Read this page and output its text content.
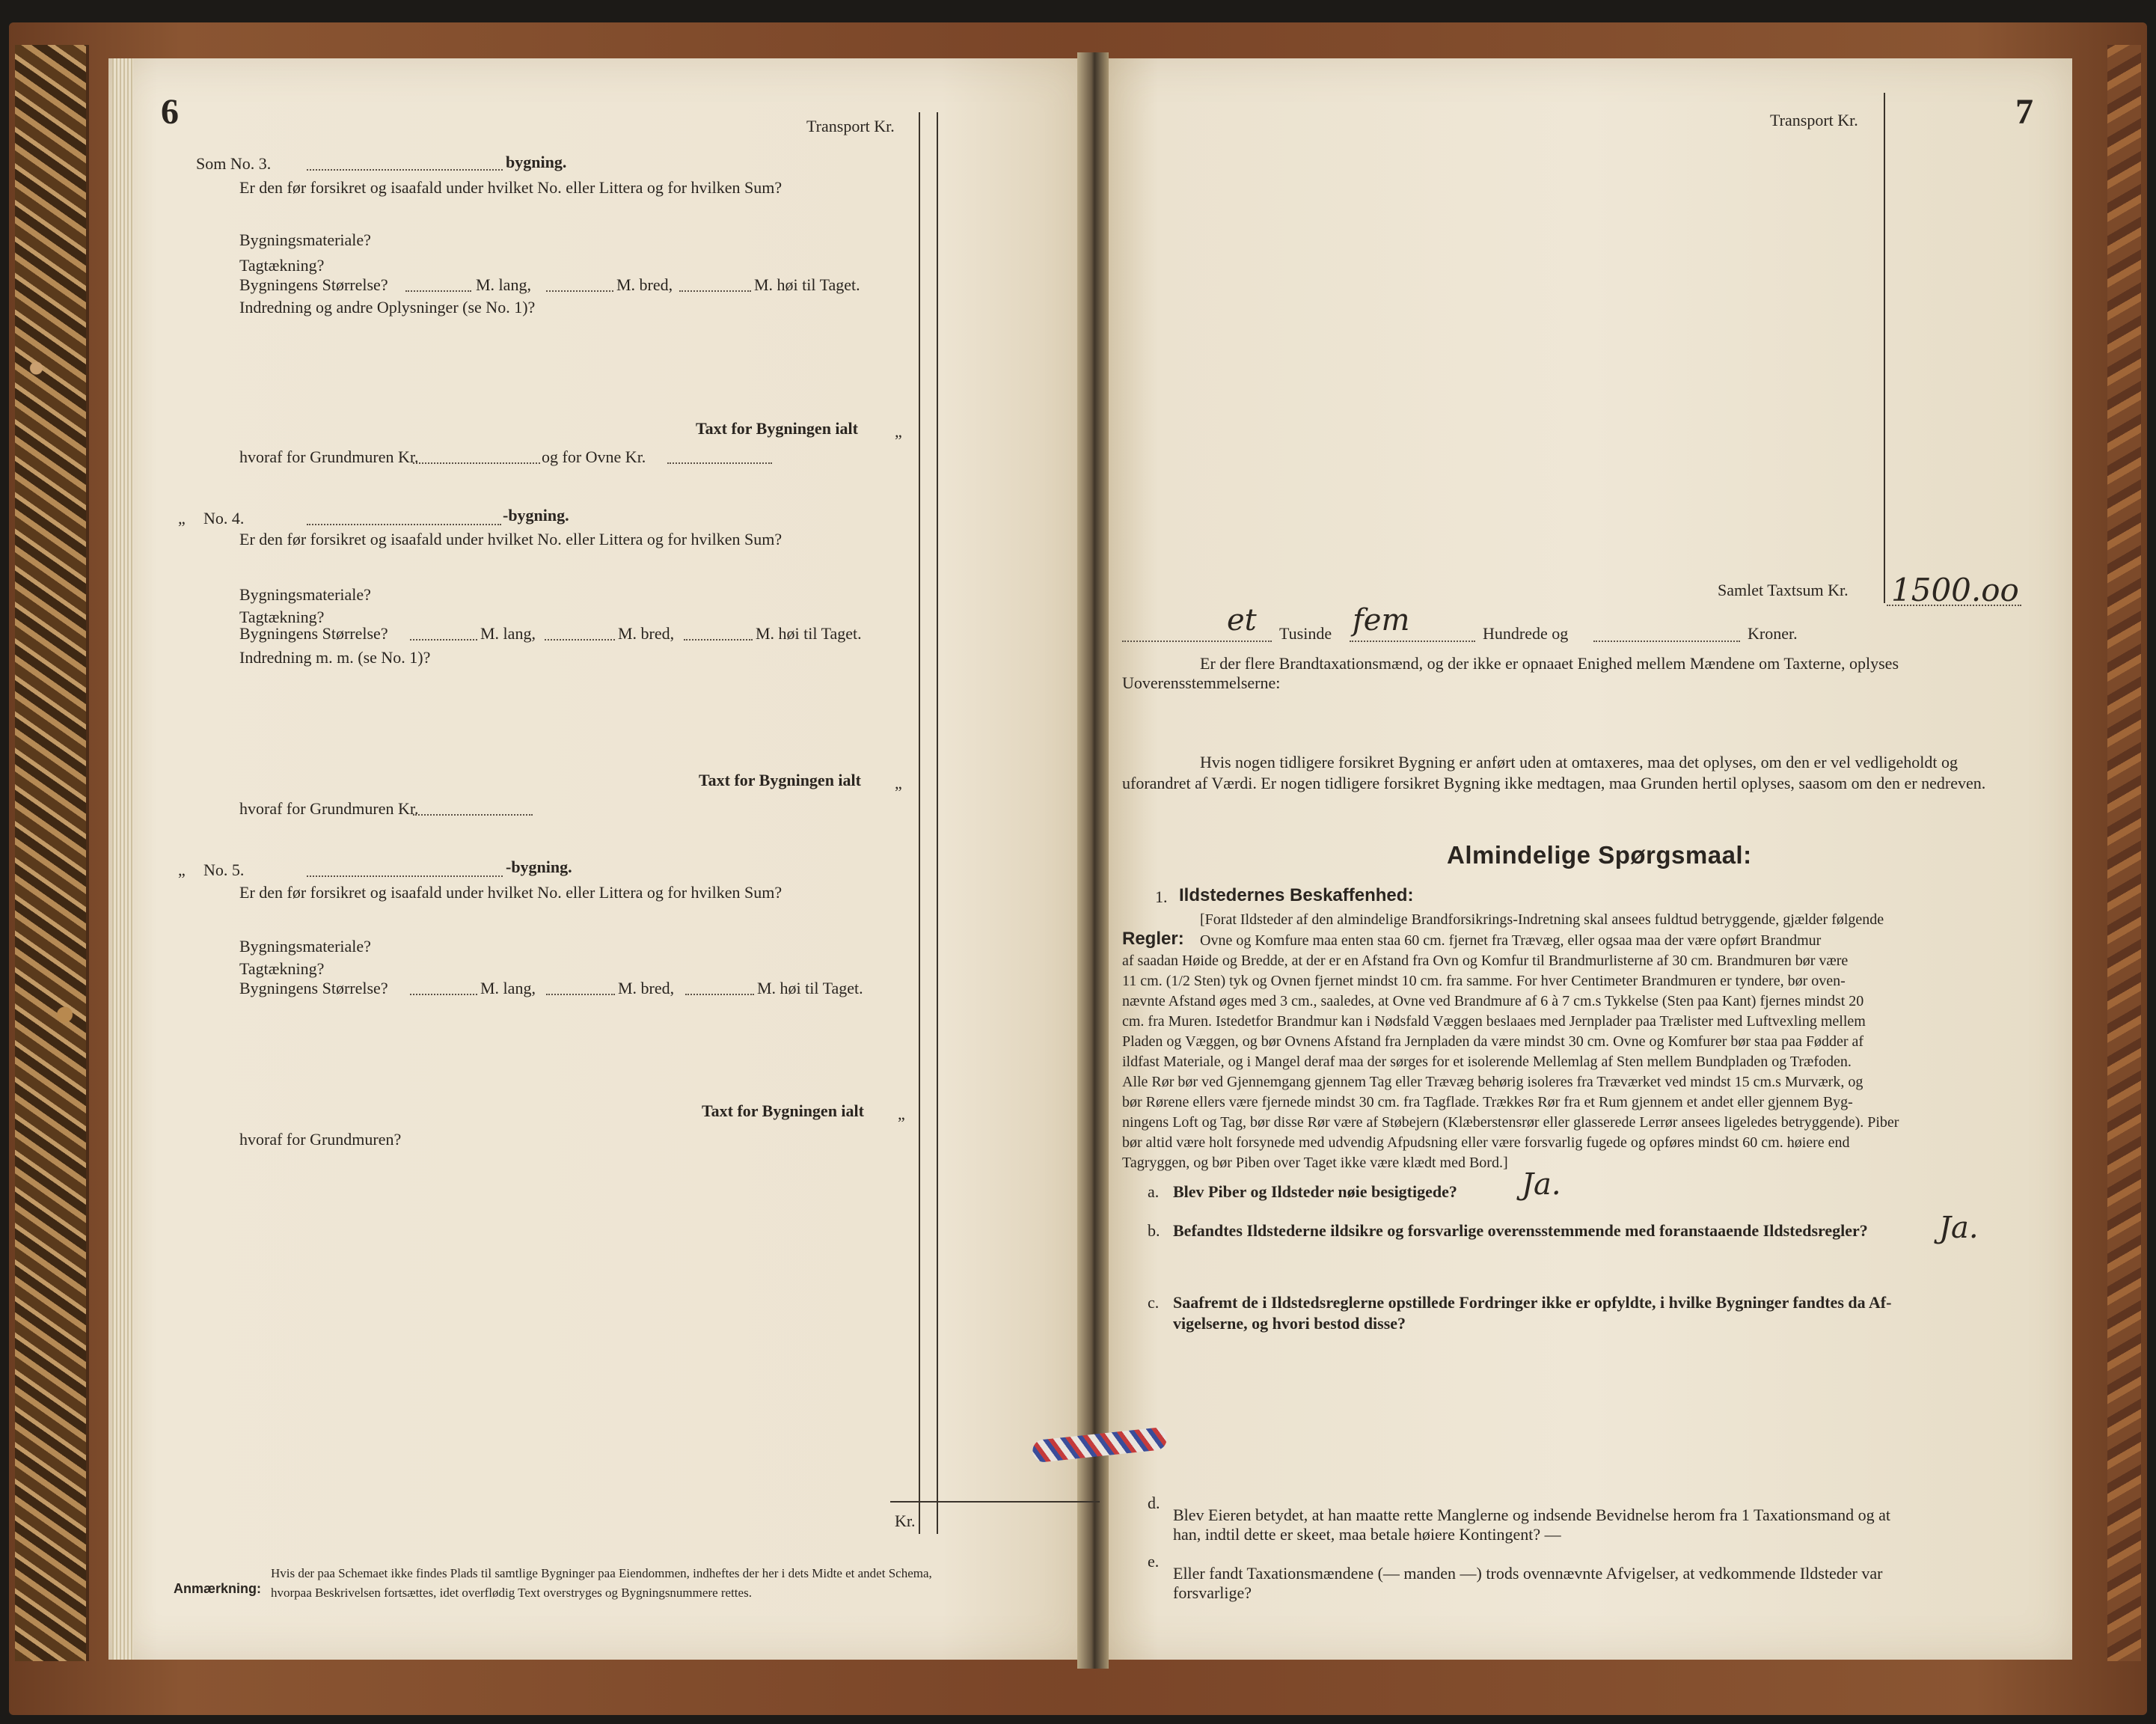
6	Transport Kr.
Kr.
Som No. 3.	bygning.
Er den før forsikret og isaafald under hvilket No. eller Littera og for hvilken Sum?
Bygningsmateriale?
Tagtækning?
Bygningens Størrelse?	M. lang,	M. bred,	M. høi til Taget.
Indredning og andre Oplysninger (se No. 1)?
Taxt for Bygningen ialt „
hvoraf for Grundmuren Kr.	og for Ovne Kr.
„ No. 4.	-bygning.
Er den før forsikret og isaafald under hvilket No. eller Littera og for hvilken Sum?
Bygningsmateriale?
Tagtækning?
Bygningens Størrelse?	M. lang,	M. bred,	M. høi til Taget.
Indredning m. m. (se No. 1)?
Taxt for Bygningen ialt „
hvoraf for Grundmuren Kr.
„ No. 5.	-bygning.
Er den før forsikret og isaafald under hvilket No. eller Littera og for hvilken Sum?
Bygningsmateriale?
Tagtækning?
Bygningens Størrelse?	M. lang,	M. bred,	M. høi til Taget.
Taxt for Bygningen ialt „
hvoraf for Grundmuren?
Anmærkning:
Hvis der paa Schemaet ikke findes Plads til samtlige Bygninger paa Eiendommen, indheftes der her i dets Midte et andet Schema,
hvorpaa Beskrivelsen fortsættes, idet overflødig Text overstryges og Bygningsnummere rettes.
7
Transport Kr.
Samlet Taxtsum Kr. 1500.oo
et Tusinde fem	Hundrede og	Kroner.
Er der flere Brandtaxationsmænd, og der ikke er opnaaet Enighed mellem Mændene om Taxterne, oplyses
Uoverensstemmelserne:
Hvis nogen tidligere forsikret Bygning er anført uden at omtaxeres, maa det oplyses, om den er vel vedligeholdt og
uforandret af Værdi. Er nogen tidligere forsikret Bygning ikke medtagen, maa Grunden hertil oplyses, saasom om den er nedreven.
Almindelige Spørgsmaal:
1. Ildstedernes Beskaffenhed:
[Forat Ildsteder af den almindelige Brandforsikrings-Indretning skal ansees fuldtud betryggende, gjælder følgende
Regler: Ovne og Komfure maa enten staa 60 cm. fjernet fra Trævæg, eller ogsaa maa der være opført Brandmur
af saadan Høide og Bredde, at der er en Afstand fra Ovn og Komfur til Brandmurlisterne af 30 cm. Brandmuren bør være
11 cm. (1/2 Sten) tyk og Ovnen fjernet mindst 10 cm. fra samme. For hver Centimeter Brandmuren er tyndere, bør oven-
nævnte Afstand øges med 3 cm., saaledes, at Ovne ved Brandmure af 6 à 7 cm.s Tykkelse (Sten paa Kant) fjernes mindst 20
cm. fra Muren. Istedetfor Brandmur kan i Nødsfald Væggen beslaaes med Jernplader paa Trælister med Luftvexling mellem
Pladen og Væggen, og bør Ovnens Afstand fra Jernpladen da være mindst 30 cm. Ovne og Komfurer bør staa paa Fødder af
ildfast Materiale, og i Mangel deraf maa der sørges for et isolerende Mellemlag af Sten mellem Bundpladen og Træfoden.
Alle Rør bør ved Gjennemgang gjennem Tag eller Trævæg behørig isoleres fra Træværket ved mindst 15 cm.s Murværk, og
bør Rørene ellers være fjernede mindst 30 cm. fra Tagflade. Trækkes Rør fra et Rum gjennem et andet eller gjennem Byg-
ningens Loft og Tag, bør disse Rør være af Støbejern (Klæberstensrør eller glasserede Lerrør ansees ligeledes betryggende). Piber
bør altid være holt forsynede med udvendig Afpudsning eller være forsvarlig fugede og opføres mindst 60 cm. høiere end
Tagryggen, og bør Piben over Taget ikke være klædt med Bord.]
a. Blev Piber og Ildsteder nøie besigtigede? Ja.
b. Befandtes Ildstederne ildsikre og forsvarlige overensstemmende med foranstaaende Ildstedsregler? Ja.
c. Saafremt de i Ildstedsreglerne opstillede Fordringer ikke er opfyldte, i hvilke Bygninger fandtes da Af-
vigelserne, og hvori bestod disse?
d.
Blev Eieren betydet, at han maatte rette Manglerne og indsende Bevidnelse herom fra 1 Taxationsmand og at
han, indtil dette er skeet, maa betale høiere Kontingent? —
e.
Eller fandt Taxationsmændene (— manden —) trods ovennævnte Afvigelser, at vedkommende Ildsteder var
forsvarlige?
